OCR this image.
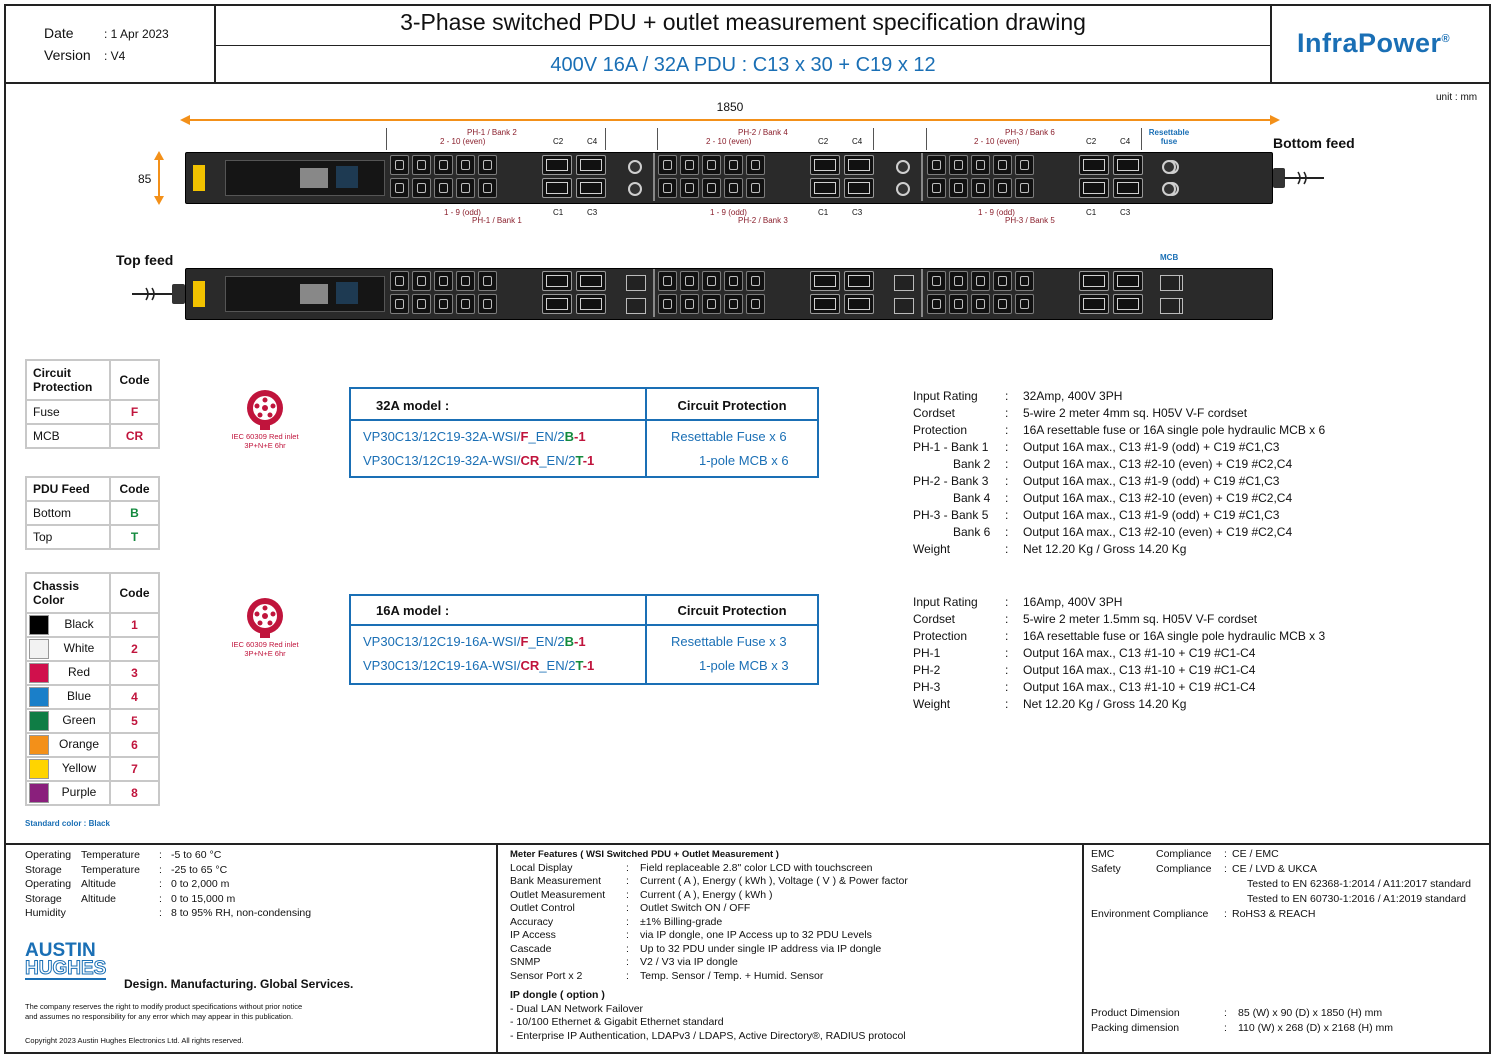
Date	: 1 Apr 2023
Version : V4
3-Phase switched PDU + outlet measurement specification drawing
400V 16A / 32A PDU : C13 x 30 + C19 x 12
InfraPower®
unit : mm
1850
85
PH-1 / Bank 2
2 - 10 (even)	C2	C4
PH-2 / Bank 4
2 - 10 (even)	C2	C4
PH-3 / Bank 6
2 - 10 (even)	C2	C4
Resettable fuse	Bottom feed
1 - 9 (odd)
PH-1 / Bank 1
C1	C3	1 - 9 (odd)
PH-2 / Bank 3
C1	C3	1 - 9 (odd)
PH-3 / Bank 5
C1	C3
Top feed	MCB
Circuit Protection	Code
Fuse	F
MCB	CR
PDU Feed	Code
Bottom	B
Top	T
Chassis Color	Code
Black	1
White	2
Red	3
Blue	4
Green	5
Orange	6
Yellow	7
Purple	8
Standard color : Black
IEC 60309 Red inlet
3P+N+E 6hr
IEC 60309 Red inlet
3P+N+E 6hr
32A model :	Circuit Protection
VP30C13/12C19-32A-WSI/F_EN/2B-1	Resettable Fuse x 6
VP30C13/12C19-32A-WSI/CR_EN/2T-1	1-pole MCB x 6
16A model :	Circuit Protection
VP30C13/12C19-16A-WSI/F_EN/2B-1	Resettable Fuse x 3
VP30C13/12C19-16A-WSI/CR_EN/2T-1	1-pole MCB x 3
Input Rating : 32Amp, 400V 3PH
Cordset	: 5-wire 2 meter 4mm sq. H05V V-F cordset
Protection	: 16A resettable fuse or 16A single pole hydraulic MCB x 6
PH-1 - Bank 1 : Output 16A max., C13 #1-9 (odd) + C19 #C1,C3
Bank 2 : Output 16A max., C13 #2-10 (even) + C19 #C2,C4
PH-2 - Bank 3 : Output 16A max., C13 #1-9 (odd) + C19 #C1,C3
Bank 4 : Output 16A max., C13 #2-10 (even) + C19 #C2,C4
PH-3 - Bank 5 : Output 16A max., C13 #1-9 (odd) + C19 #C1,C3
Bank 6 : Output 16A max., C13 #2-10 (even) + C19 #C2,C4
Weight	: Net 12.20 Kg / Gross 14.20 Kg
Input Rating : 16Amp, 400V 3PH
Cordset	: 5-wire 2 meter 1.5mm sq. H05V V-F cordset
Protection	: 16A resettable fuse or 16A single pole hydraulic MCB x 3
PH-1	: Output 16A max., C13 #1-10 + C19 #C1-C4
PH-2	: Output 16A max., C13 #1-10 + C19 #C1-C4
PH-3	: Output 16A max., C13 #1-10 + C19 #C1-C4
Weight	: Net 12.20 Kg / Gross 14.20 Kg
Operating Temperature : -5 to 60 °C
Storage Temperature : -25 to 65 °C
Operating Altitude	: 0 to 2,000 m
Storage Altitude	: 0 to 15,000 m
Humidity	: 8 to 95% RH, non-condensing
AUSTIN
HUGHES
Design. Manufacturing. Global Services.
The company reserves the right to modify product specifications without prior notice
and assumes no responsibility for any error which may appear in this publication.
Copyright 2023 Austin Hughes Electronics Ltd. All rights reserved.
Meter Features ( WSI Switched PDU + Outlet Measurement )
Local Display	: Field replaceable 2.8" color LCD with touchscreen
Bank Measurement : Current ( A ), Energy ( kWh ), Voltage ( V ) & Power factor
Outlet Measurement : Current ( A ), Energy ( kWh )
Outlet Control	: Outlet Switch ON / OFF
Accuracy	: ±1% Billing-grade
IP Access	: via IP dongle, one IP Access up to 32 PDU Levels
Cascade	: Up to 32 PDU under single IP address via IP dongle
SNMP	: V2 / V3 via IP dongle
Sensor Port x 2	: Temp. Sensor / Temp. + Humid. Sensor
IP dongle ( option )
- Dual LAN Network Failover
- 10/100 Ethernet & Gigabit Ethernet standard
- Enterprise IP Authentication, LDAPv3 / LDAPS, Active Directory®, RADIUS protocol
EMC	Compliance : CE / EMC
Safety	Compliance : CE / LVD & UKCA
Tested to EN 62368-1:2014 / A11:2017 standard
Tested to EN 60730-1:2016 / A1:2019 standard
Environment Compliance : RoHS3 & REACH
Product Dimension	: 85 (W) x 90 (D) x 1850 (H) mm
Packing dimension	: 110 (W) x 268 (D) x 2168 (H) mm
